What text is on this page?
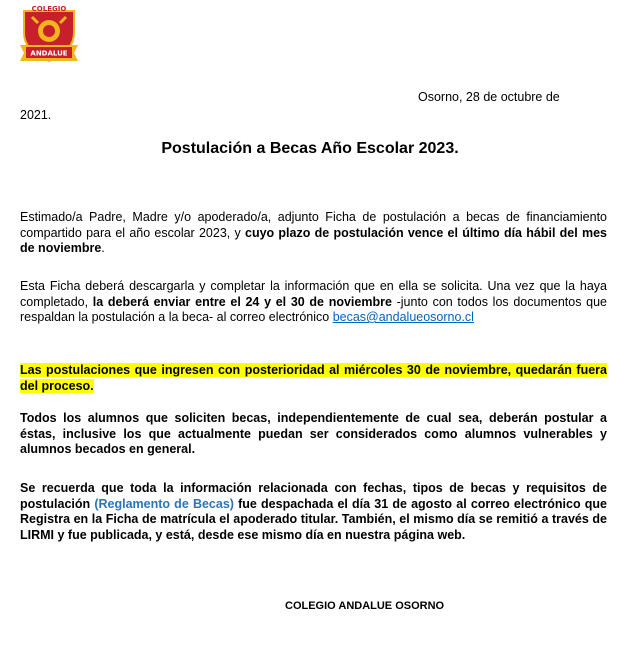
COLEGIO
ANDALUE
Osorno, 28 de octubre de
2021.
Postulación a Becas Año Escolar 2023.

Estimado/a Padre, Madre y/o apoderado/a, adjunto Ficha de postulación a becas de financiamiento compartido para el año escolar 2023, y cuyo plazo de postulación vence el último día hábil del mes de noviembre.

Esta Ficha deberá descargarla y completar la información que en ella se solicita. Una vez que la haya completado, la deberá enviar entre el 24 y el 30 de noviembre -junto con todos los documentos que respaldan la postulación a la beca- al correo electrónico becas@andalueosorno.cl

Las postulaciones que ingresen con posterioridad al miércoles 30 de noviembre, quedarán fuera del proceso.

Todos los alumnos que soliciten becas, independientemente de cual sea, deberán postular a éstas, inclusive los que actualmente puedan ser considerados como alumnos vulnerables y alumnos becados en general.

Se recuerda que toda la información relacionada con fechas, tipos de becas y requisitos de postulación (Reglamento de Becas) fue despachada el día 31 de agosto al correo electrónico que Registra en la Ficha de matrícula el apoderado titular. También, el mismo día se remitió a través de LIRMI y fue publicada, y está, desde ese mismo día en nuestra página web.

COLEGIO ANDALUE OSORNO
